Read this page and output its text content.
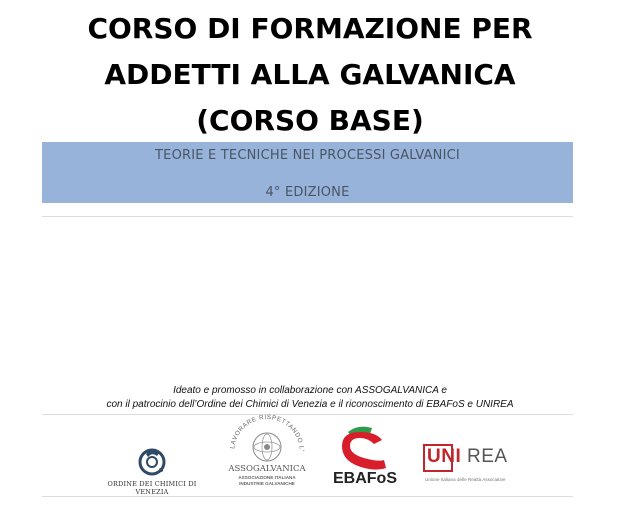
CORSO DI FORMAZIONE PER
ADDETTI ALLA GALVANICA
(CORSO BASE)
TEORIE E TECNICHE NEI PROCESSI GALVANICI
4° EDIZIONE
Ideato e promosso in collaborazione con ASSOGALVANICA e
con il patrocinio dell’Ordine dei Chimici di Venezia e il riconoscimento di EBAFoS e UNIREA
ORDINE DEI CHIMICI DI VENEZIA
LAVORARE RISPETTANDO L'
ASSOGALVANICA
ASSOCIAZIONE ITALIANA
INDUSTRIE GALVANICHE	EBAFoS
UNI REA
Unione Italiana delle Realtà Associative
